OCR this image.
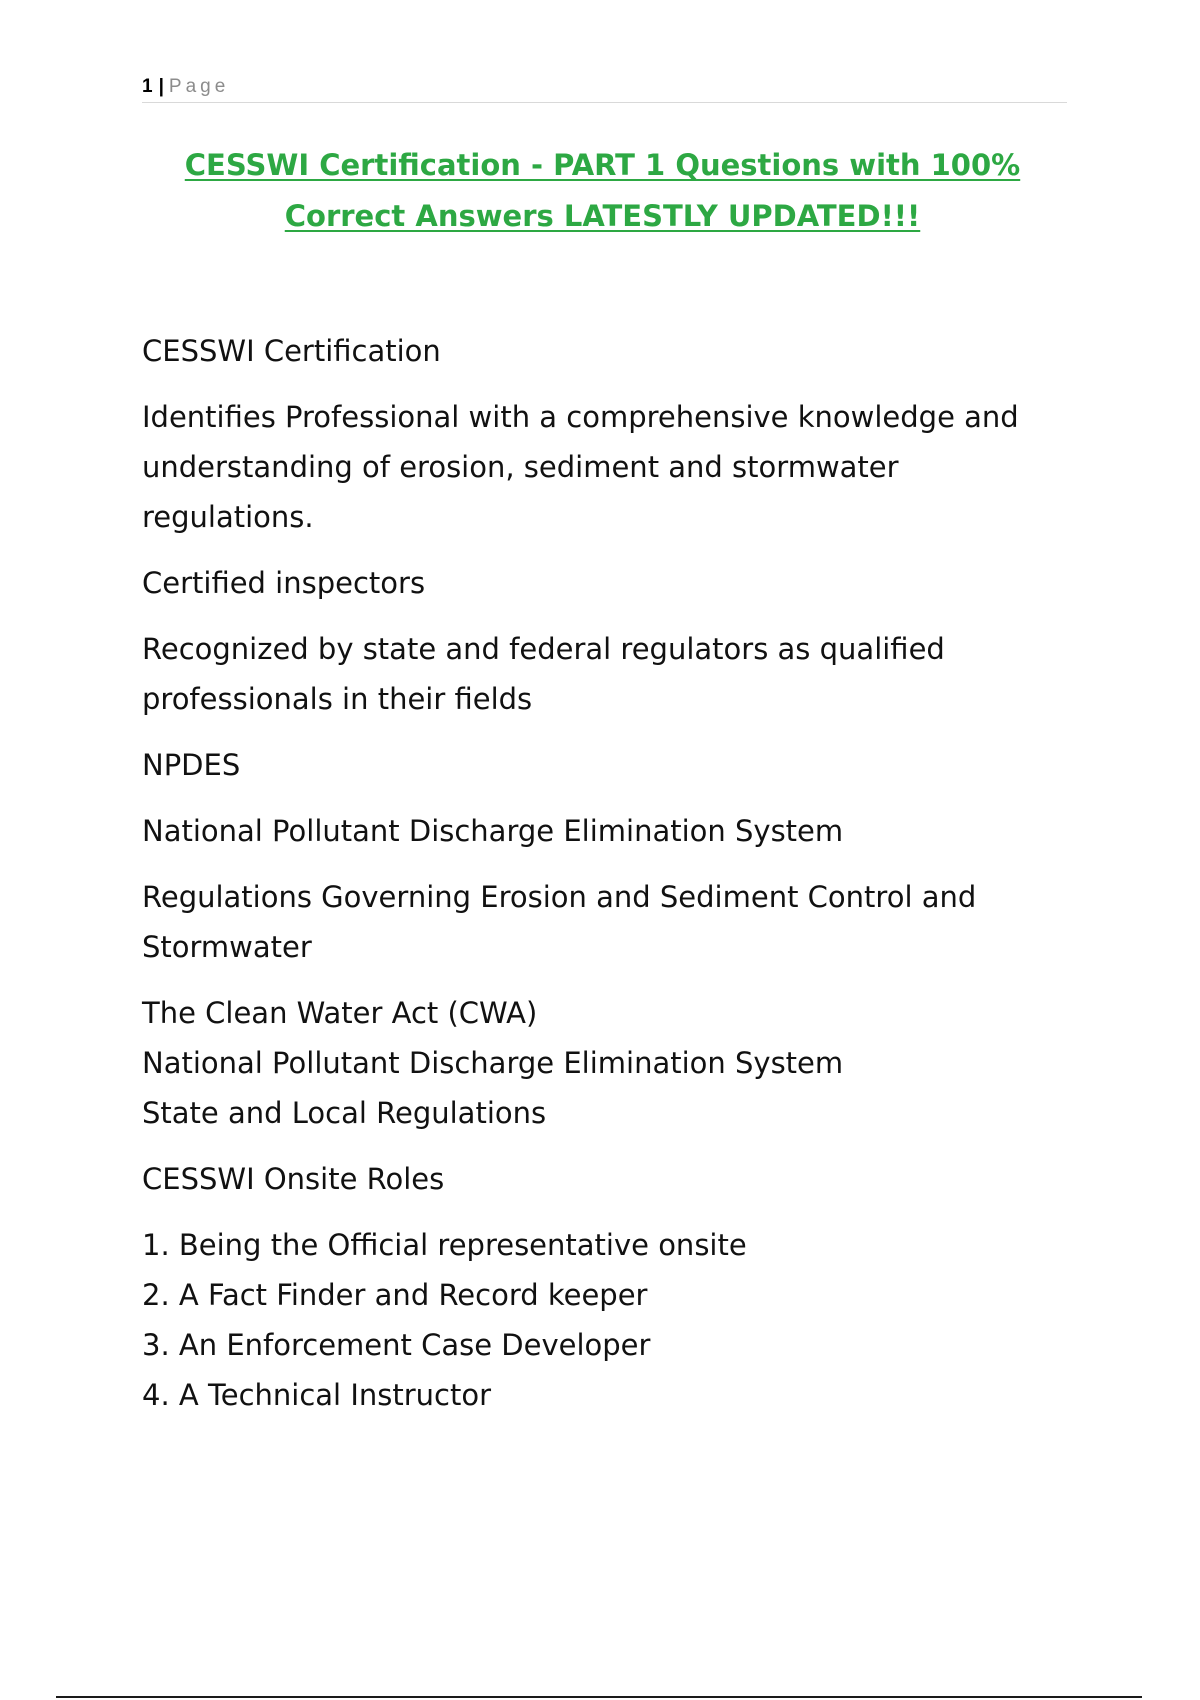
1 | Page
CESSWI Certification - PART 1 Questions with 100% Correct Answers LATESTLY UPDATED!!!

CESSWI Certification

Identifies Professional with a comprehensive knowledge and understanding of erosion, sediment and stormwater regulations.

Certified inspectors

Recognized by state and federal regulators as qualified professionals in their fields

NPDES

National Pollutant Discharge Elimination System

Regulations Governing Erosion and Sediment Control and Stormwater

The Clean Water Act (CWA)
National Pollutant Discharge Elimination System
State and Local Regulations

CESSWI Onsite Roles

1. Being the Official representative onsite
2. A Fact Finder and Record keeper
3. An Enforcement Case Developer
4. A Technical Instructor
